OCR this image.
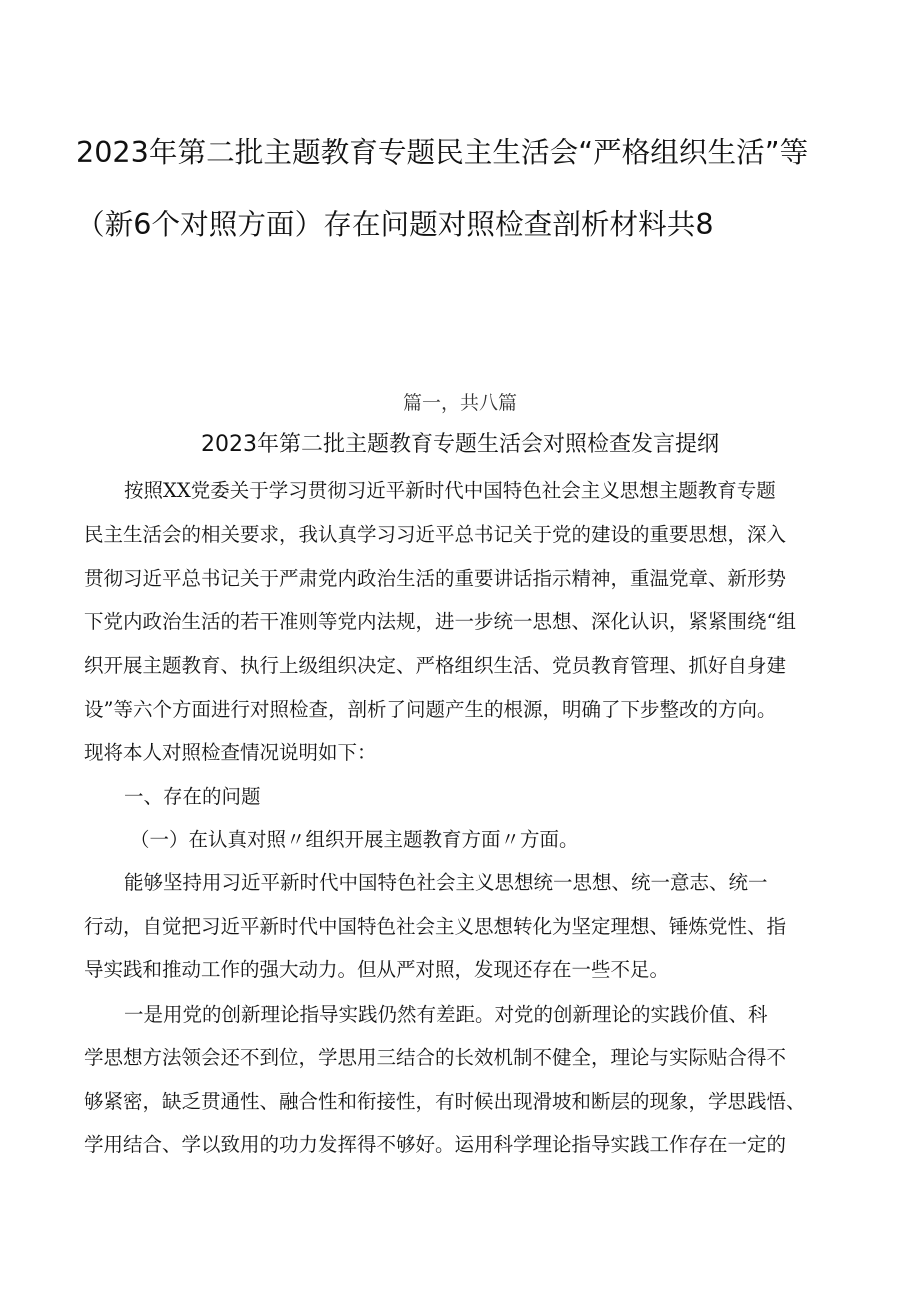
2023年第二批主题教育专题民主生活会“严格组织生活”等
（新6个对照方面）存在问题对照检查剖析材料共8
篇一，共八篇
2023年第二批主题教育专题生活会对照检查发言提纲
按照XX党委关于学习贯彻习近平新时代中国特色社会主义思想主题教育专题
民主生活会的相关要求，我认真学习习近平总书记关于党的建设的重要思想，深入
贯彻习近平总书记关于严肃党内政治生活的重要讲话指示精神，重温党章、新形势
下党内政治生活的若干准则等党内法规，进一步统一思想、深化认识，紧紧围绕“组
织开展主题教育、执行上级组织决定、严格组织生活、党员教育管理、抓好自身建
设”等六个方面进行对照检查，剖析了问题产生的根源，明确了下步整改的方向。
现将本人对照检查情况说明如下：
一、存在的问题
（一）在认真对照〃组织开展主题教育方面〃方面。
能够坚持用习近平新时代中国特色社会主义思想统一思想、统一意志、统一
行动，自觉把习近平新时代中国特色社会主义思想转化为坚定理想、锤炼党性、指
导实践和推动工作的强大动力。但从严对照，发现还存在一些不足。
一是用党的创新理论指导实践仍然有差距。对党的创新理论的实践价值、科
学思想方法领会还不到位，学思用三结合的长效机制不健全，理论与实际贴合得不
够紧密，缺乏贯通性、融合性和衔接性，有时候出现滑坡和断层的现象，学思践悟、
学用结合、学以致用的功力发挥得不够好。运用科学理论指导实践工作存在一定的
